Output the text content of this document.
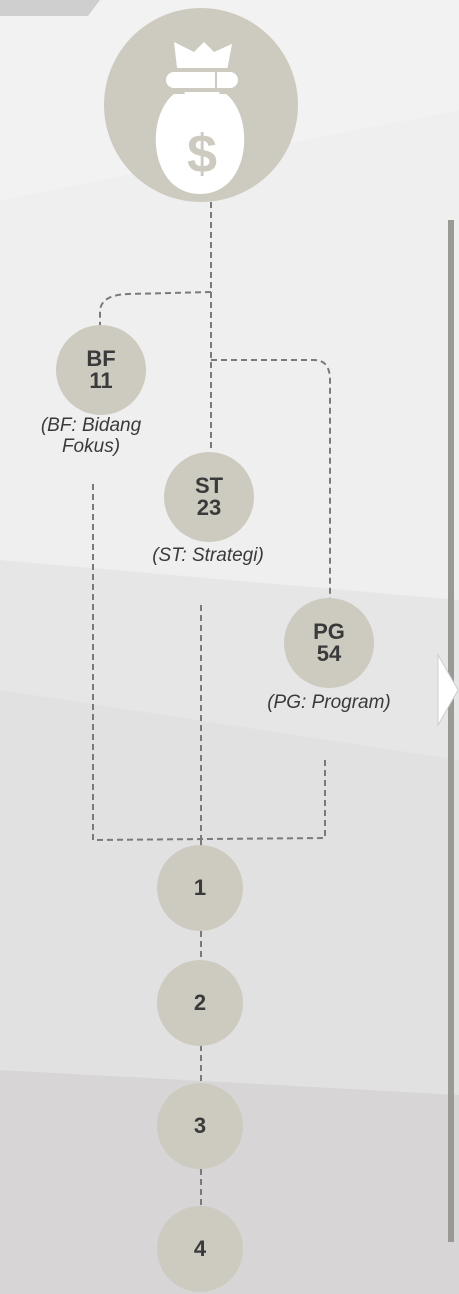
$
BF
11
(BF: Bidang Fokus)
ST
23
(ST: Strategi)
PG
54
(PG: Program)
1
2
3
4
